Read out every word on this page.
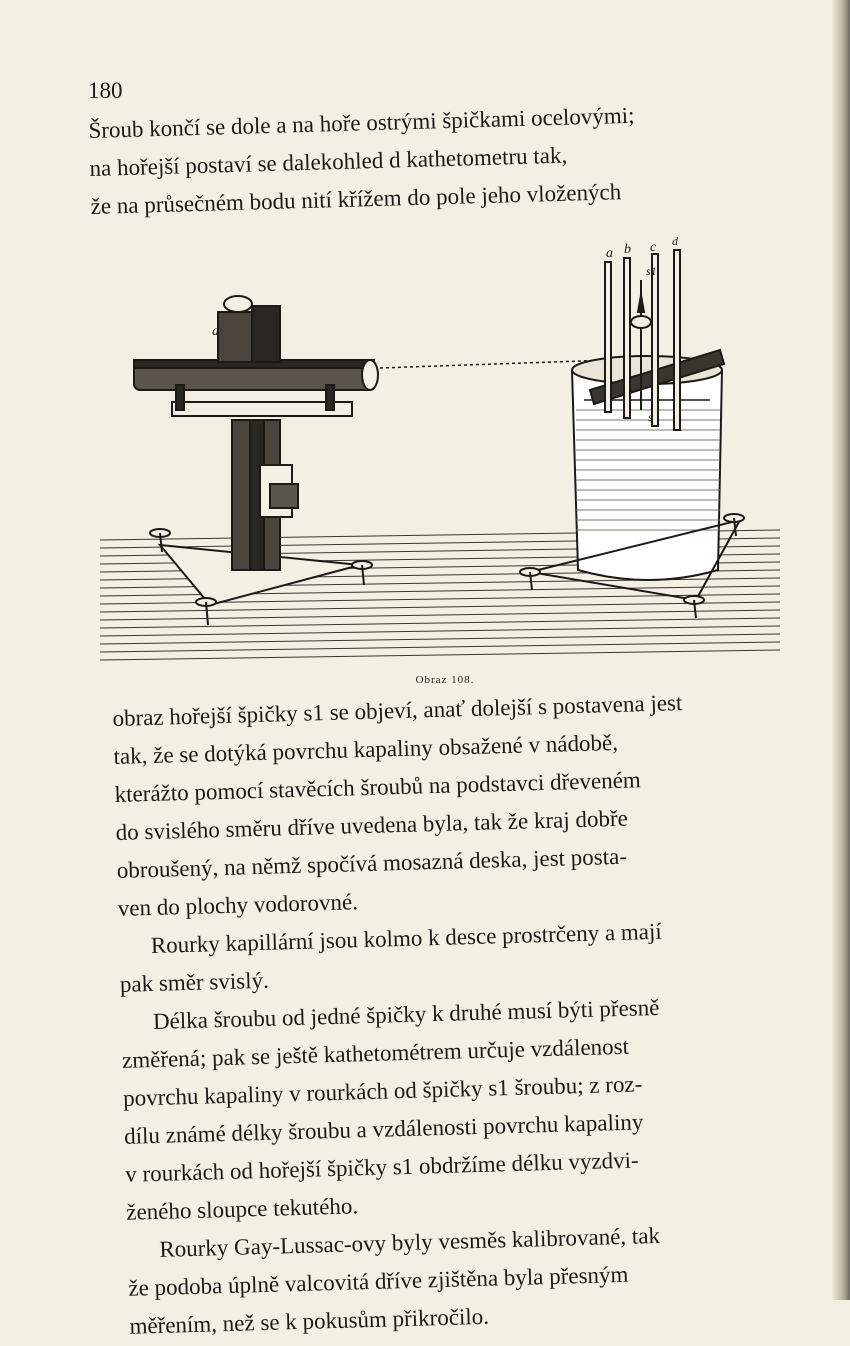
180

Šroub končí se dole a na hoře ostrými špičkami ocelovými;
na hořejší postaví se dalekohled d kathetometru tak,
že na průsečném bodu nití křížem do pole jeho vložených

d
a b c d
s1
s
Obraz 108.

obraz hořejší špičky s1 se objeví, anať dolejší s postavena jest
tak, že se dotýká povrchu kapaliny obsažené v nádobě,
kterážto pomocí stavěcích šroubů na podstavci dřeveném
do svislého směru dříve uvedena byla, tak že kraj dobře
obroušený, na němž spočívá mosazná deska, jest posta-
ven do plochy vodorovné.

Rourky kapillární jsou kolmo k desce prostrčeny a mají
pak směr svislý.

Délka šroubu od jedné špičky k druhé musí býti přesně
změřená; pak se ještě kathetométrem určuje vzdálenost
povrchu kapaliny v rourkách od špičky s1 šroubu; z roz-
dílu známé délky šroubu a vzdálenosti povrchu kapaliny
v rourkách od hořejší špičky s1 obdržíme délku vyzdvi-
ženého sloupce tekutého.

Rourky Gay-Lussac-ovy byly vesměs kalibrované, tak
že podoba úplně valcovitá dříve zjištěna byla přesným
měřením, než se k pokusům přikročilo.
